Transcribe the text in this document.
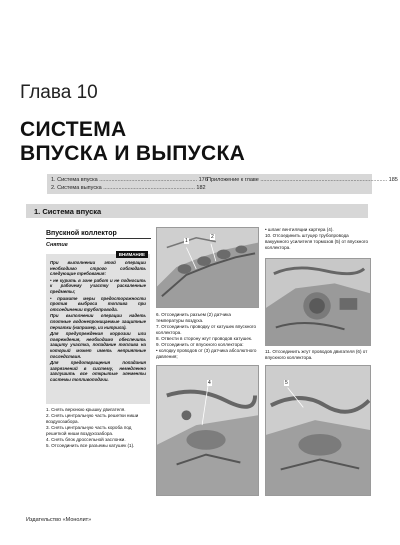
Глава 10
СИСТЕМА
ВПУСКА И ВЫПУСКА
1. Система впуска ................................................................ 176
2. Система выпуска ............................................................ 182
Приложение к главе ................................................................................... 185
1. Система впуска
Впускной коллектор
Снятие
ВНИМАНИЕ

При выполнении этой операции необходимо строго соблюдать следующие требования:

• не курить в зоне работ и не подносить к рабочему участку раскаленные предметы;

• примите меры предосторожности против выброса топлива при отсоединении трубопровода.

При выполнении операции надеть плотные водонепроницаемые защитные перчатки (например, из нитрила).

Для предупреждения коррозии или повреждения, необходимо обеспечить защиту участка, попадание топлива на который может иметь неприятные последствия.

Для предотвращения попадания загрязнений в систему, немедленно заглушить все открытые элементы системы топливоподачи.

1. Снять верхнюю крышку двигателя.
2. Снять центральную часть решетки ниши воздухозабора.
3. Снять центральную часть короба под решеткой ниши воздухозабора.
4. Снять блок дроссельной заслонки.
5. Отсоединить все разъемы катушек (1).
1
2
6. Отсоединить разъем (2) датчика температуры воздуха.
7. Отсоединить проводку от катушек впускного коллектора.
8. Отвести в сторону жгут проводов катушек.
9. Отсоединить от впускного коллектора:
• колодку проводов от (3) датчика абсолютного давления;
• шланг вентиляции картера (4).
10. Отсоединить штуцер трубопровода вакуумного усилителя тормозов (5) от впускного коллектора.
11. Отсоединить жгут проводов двигателя (6) от впускного коллектора.
4	5
Издательство «Монолит»
